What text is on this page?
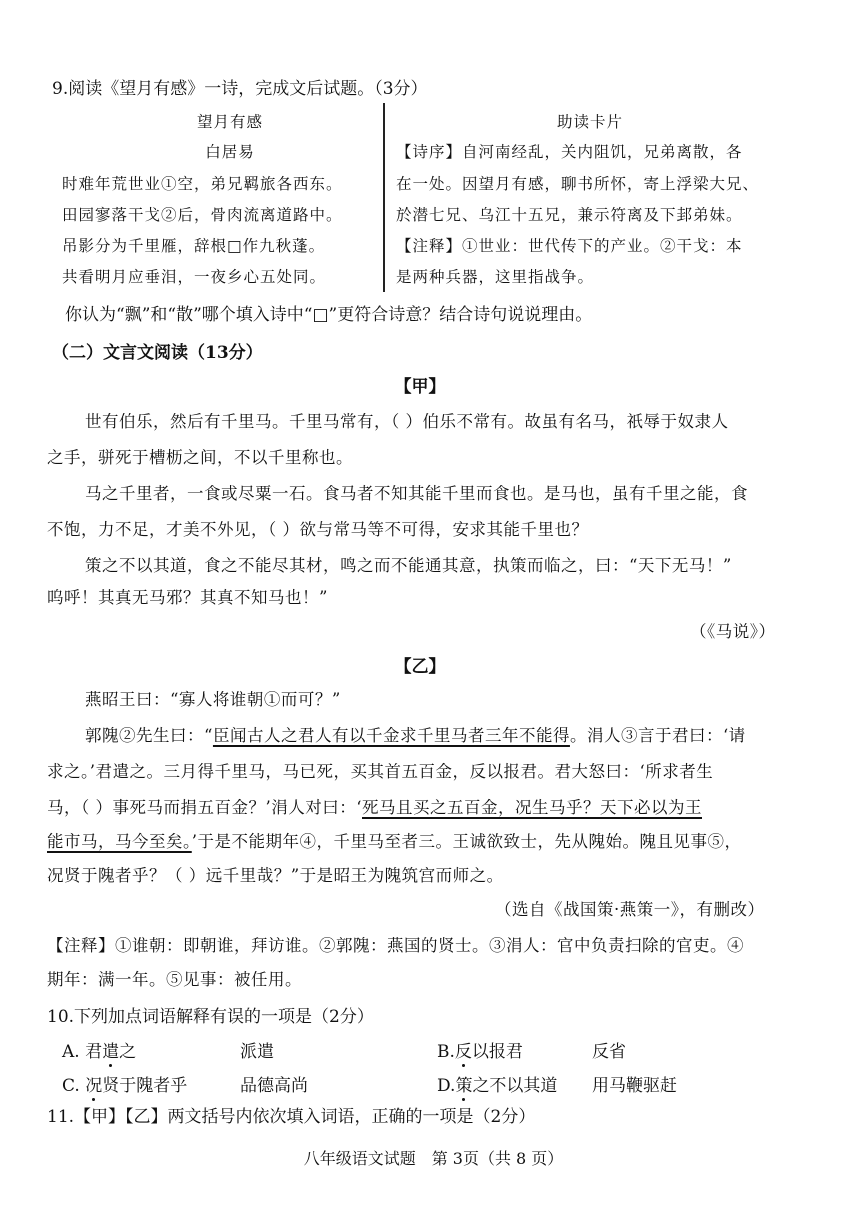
9.阅读《望月有感》一诗，完成文后试题。（3分）
望月有感
白居易
时难年荒世业①空，弟兄羁旅各西东。
田园寥落干戈②后，骨肉流离道路中。
吊影分为千里雁，辞根□作九秋蓬。
共看明月应垂泪，一夜乡心五处同。
助读卡片
【诗序】自河南经乱，关内阻饥，兄弟离散，各
在一处。因望月有感，聊书所怀，寄上浮梁大兄、
於潜七兄、乌江十五兄，兼示符离及下邽弟妹。
【注释】①世业：世代传下的产业。②干戈：本
是两种兵器，这里指战争。
你认为“飘”和“散”哪个填入诗中“□”更符合诗意？结合诗句说说理由。
（二）文言文阅读（13分）
【甲】
世有伯乐，然后有千里马。千里马常有，（ ）伯乐不常有。故虽有名马，祇辱于奴隶人
之手，骈死于槽枥之间，不以千里称也。
马之千里者，一食或尽粟一石。食马者不知其能千里而食也。是马也，虽有千里之能，食
不饱，力不足，才美不外见，（ ）欲与常马等不可得，安求其能千里也？
策之不以其道，食之不能尽其材，鸣之而不能通其意，执策而临之，曰：“天下无马！”
呜呼！其真无马邪？其真不知马也！”
（《马说》）
【乙】
燕昭王曰：“寡人将谁朝①而可？”
郭隗②先生曰：“臣闻古人之君人有以千金求千里马者三年不能得。涓人③言于君曰：‘请
求之。’君遣之。三月得千里马，马已死，买其首五百金，反以报君。君大怒曰：‘所求者生
马，（ ）事死马而捐五百金？’涓人对曰：‘死马且买之五百金，况生马乎？天下必以为王
能市马，马今至矣。’于是不能期年④，千里马至者三。王诚欲致士，先从隗始。隗且见事⑤，
况贤于隗者乎？（ ）远千里哉？”于是昭王为隗筑宫而师之。
（选自《战国策·燕策一》，有删改）
【注释】①谁朝：即朝谁，拜访谁。②郭隗：燕国的贤士。③涓人：官中负责扫除的官吏。④
期年：满一年。⑤见事：被任用。
10.下列加点词语解释有误的一项是（2分）
A. 君遣之	派遣	B.反以报君	反省
C. 况贤于隗者乎	品德高尚	D.策之不以其道 用马鞭驱赶
11.【甲】【乙】两文括号内依次填入词语，正确的一项是（2分）
八年级语文试题　第 3页（共 8 页）
